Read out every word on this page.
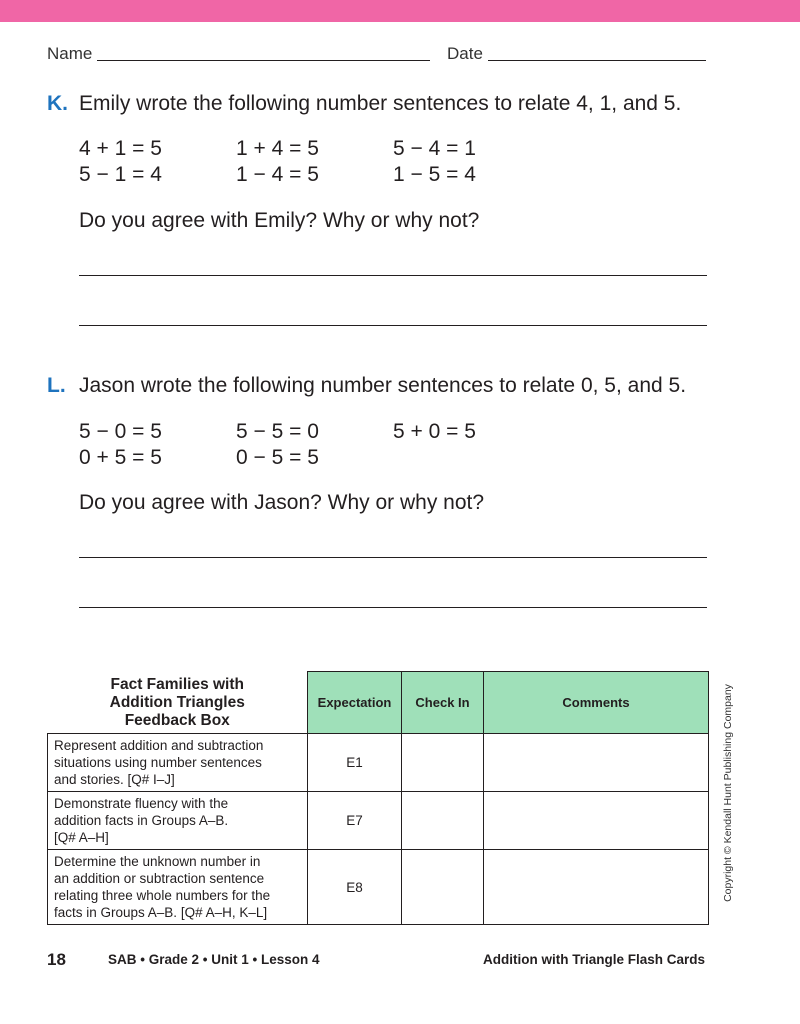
Name	Date
K. Emily wrote the following number sentences to relate 4, 1, and 5.
4 + 1 = 5	1 + 4 = 5	5 − 4 = 1
5 − 1 = 4	1 − 4 = 5	1 − 5 = 4
Do you agree with Emily? Why or why not?
L. Jason wrote the following number sentences to relate 0, 5, and 5.
5 − 0 = 5	5 − 5 = 0	5 + 0 = 5
0 + 5 = 5	0 − 5 = 5
Do you agree with Jason? Why or why not?
Fact Families with
Addition Triangles
Feedback Box	Expectation	Check In	Comments

Represent addition and subtraction
situations using number sentences
and stories. [Q# I–J]	E1		

Demonstrate fluency with the
addition facts in Groups A–B.
[Q# A–H]	E7		

Determine the unknown number in
an addition or subtraction sentence
relating three whole numbers for the
facts in Groups A–B. [Q# A–H, K–L]	E8			Copyright © Kendall Hunt Publishing Company
18	SAB • Grade 2 • Unit 1 • Lesson 4	Addition with Triangle Flash Cards
